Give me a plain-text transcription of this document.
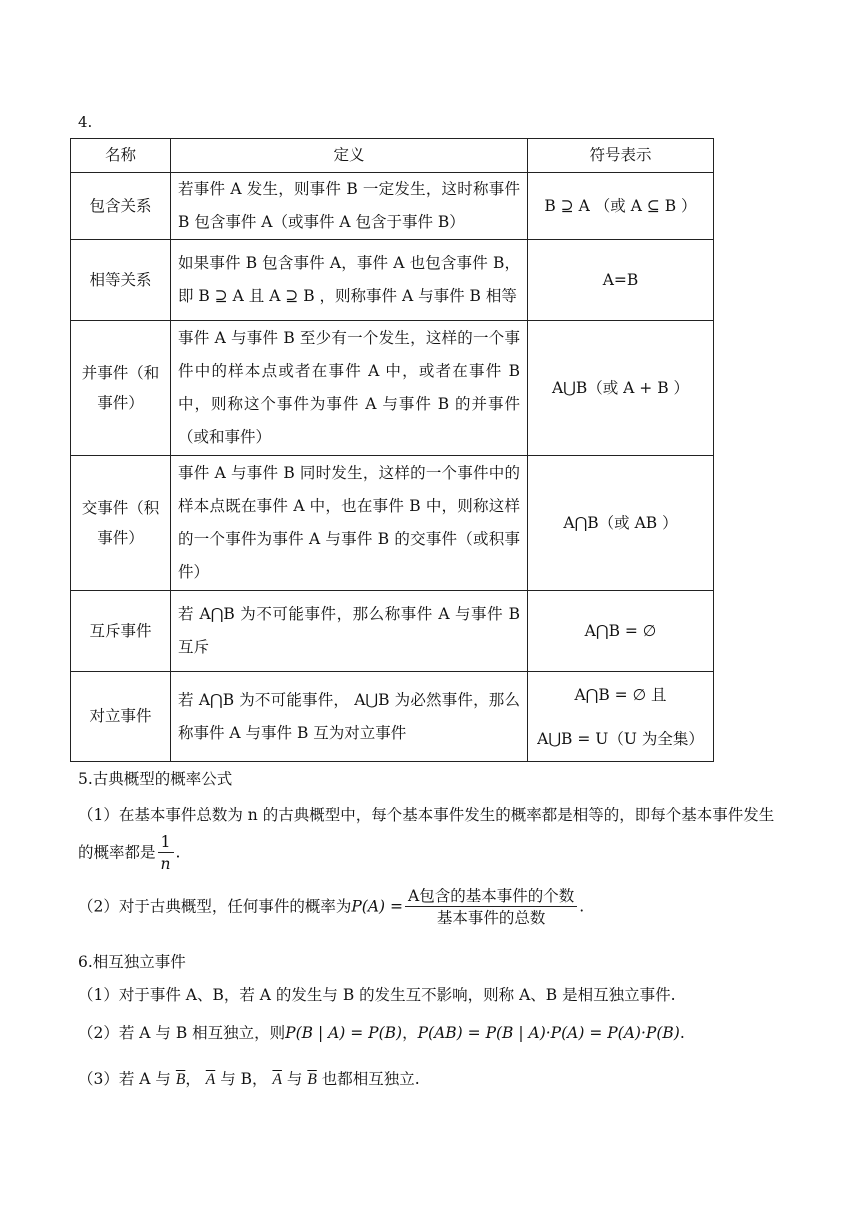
4.
名称	定义	符号表示
包含关系	若事件 A 发生，则事件 B 一定发生，这时称事件 B 包含事件 A（或事件 A 包含于事件 B）	B ⊇ A （或 A ⊆ B ）
相等关系	如果事件 B 包含事件 A，事件 A 也包含事件 B，即 B ⊇ A 且 A ⊇ B ，则称事件 A 与事件 B 相等	A=B
并事件（和事件）	事件 A 与事件 B 至少有一个发生，这样的一个事件中的样本点或者在事件 A 中，或者在事件 B 中，则称这个事件为事件 A 与事件 B 的并事件（或和事件）	A⋃B（或 A + B ）
交事件（积事件）	事件 A 与事件 B 同时发生，这样的一个事件中的样本点既在事件 A 中，也在事件 B 中，则称这样的一个事件为事件 A 与事件 B 的交事件（或积事件）	A⋂B（或 AB ）
互斥事件	若 A⋂B 为不可能事件，那么称事件 A 与事件 B 互斥	A⋂B = ∅
对立事件	若 A⋂B 为不可能事件， A⋃B 为必然事件，那么称事件 A 与事件 B 互为对立事件	A⋂B = ∅ 且
A⋃B = U（U 为全集）
5.古典概型的概率公式
（1）在基本事件总数为 n 的古典概型中，每个基本事件发生的概率都是相等的，即每个基本事件发生的概率都是 $\frac{1}{n}$ .
（2）对于古典概型，任何事件的概率为$P(A) = \frac{\text{A包含的基本事件的个数}}{\text{基本事件的总数}}$ .
6.相互独立事件
（1）对于事件 A、B，若 A 的发生与 B 的发生互不影响，则称 A、B 是相互独立事件.
（2）若 A 与 B 相互独立，则P(B | A) = P(B)，P(AB) = P(B | A)·P(A) = P(A)·P(B).
（3）若 A 与 $\overline{B}$， $\overline{A}$ 与 B， $\overline{A}$ 与 $\overline{B}$ 也都相互独立.
